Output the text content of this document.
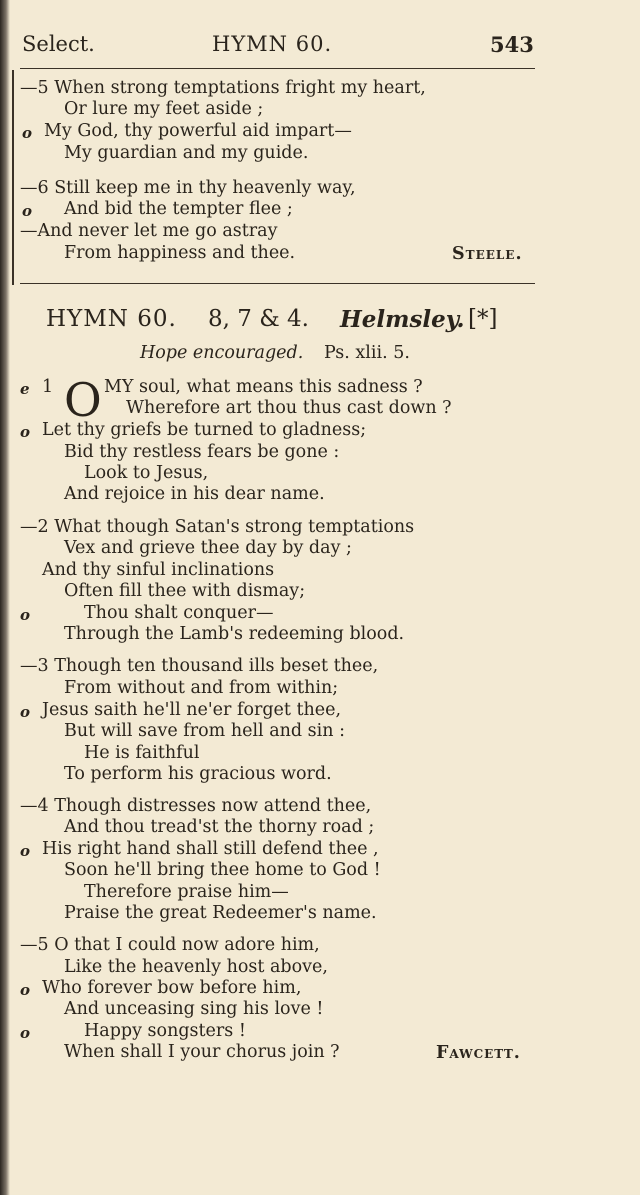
Select.	HYMN 60.	543
—5 When strong temptations fright my heart,
Or lure my feet aside ;
o My God, thy powerful aid impart—
My guardian and my guide.
—6 Still keep me in thy heavenly way,
o And bid the tempter flee ;
—And never let me go astray
From happiness and thee.	Steele.
HYMN 60. 8, 7 & 4. Helmsley. [*]
Hope encouraged. Ps. xlii. 5.
e 1 O MY soul, what means this sadness ?
Wherefore art thou thus cast down ?
o Let thy griefs be turned to gladness;
Bid thy restless fears be gone :
Look to Jesus,
And rejoice in his dear name.
—2 What though Satan's strong temptations
Vex and grieve thee day by day ;
And thy sinful inclinations
Often fill thee with dismay;
o	Thou shalt conquer—
Through the Lamb's redeeming blood.
—3 Though ten thousand ills beset thee,
From without and from within;
o Jesus saith he'll ne'er forget thee,
But will save from hell and sin :
He is faithful
To perform his gracious word.
—4 Though distresses now attend thee,
And thou tread'st the thorny road ;
o His right hand shall still defend thee ,
Soon he'll bring thee home to God !
Therefore praise him—
Praise the great Redeemer's name.
—5 O that I could now adore him,
Like the heavenly host above,
o Who forever bow before him,
And unceasing sing his love !
o	Happy songsters !
When shall I your chorus join ?	Fawcett.
